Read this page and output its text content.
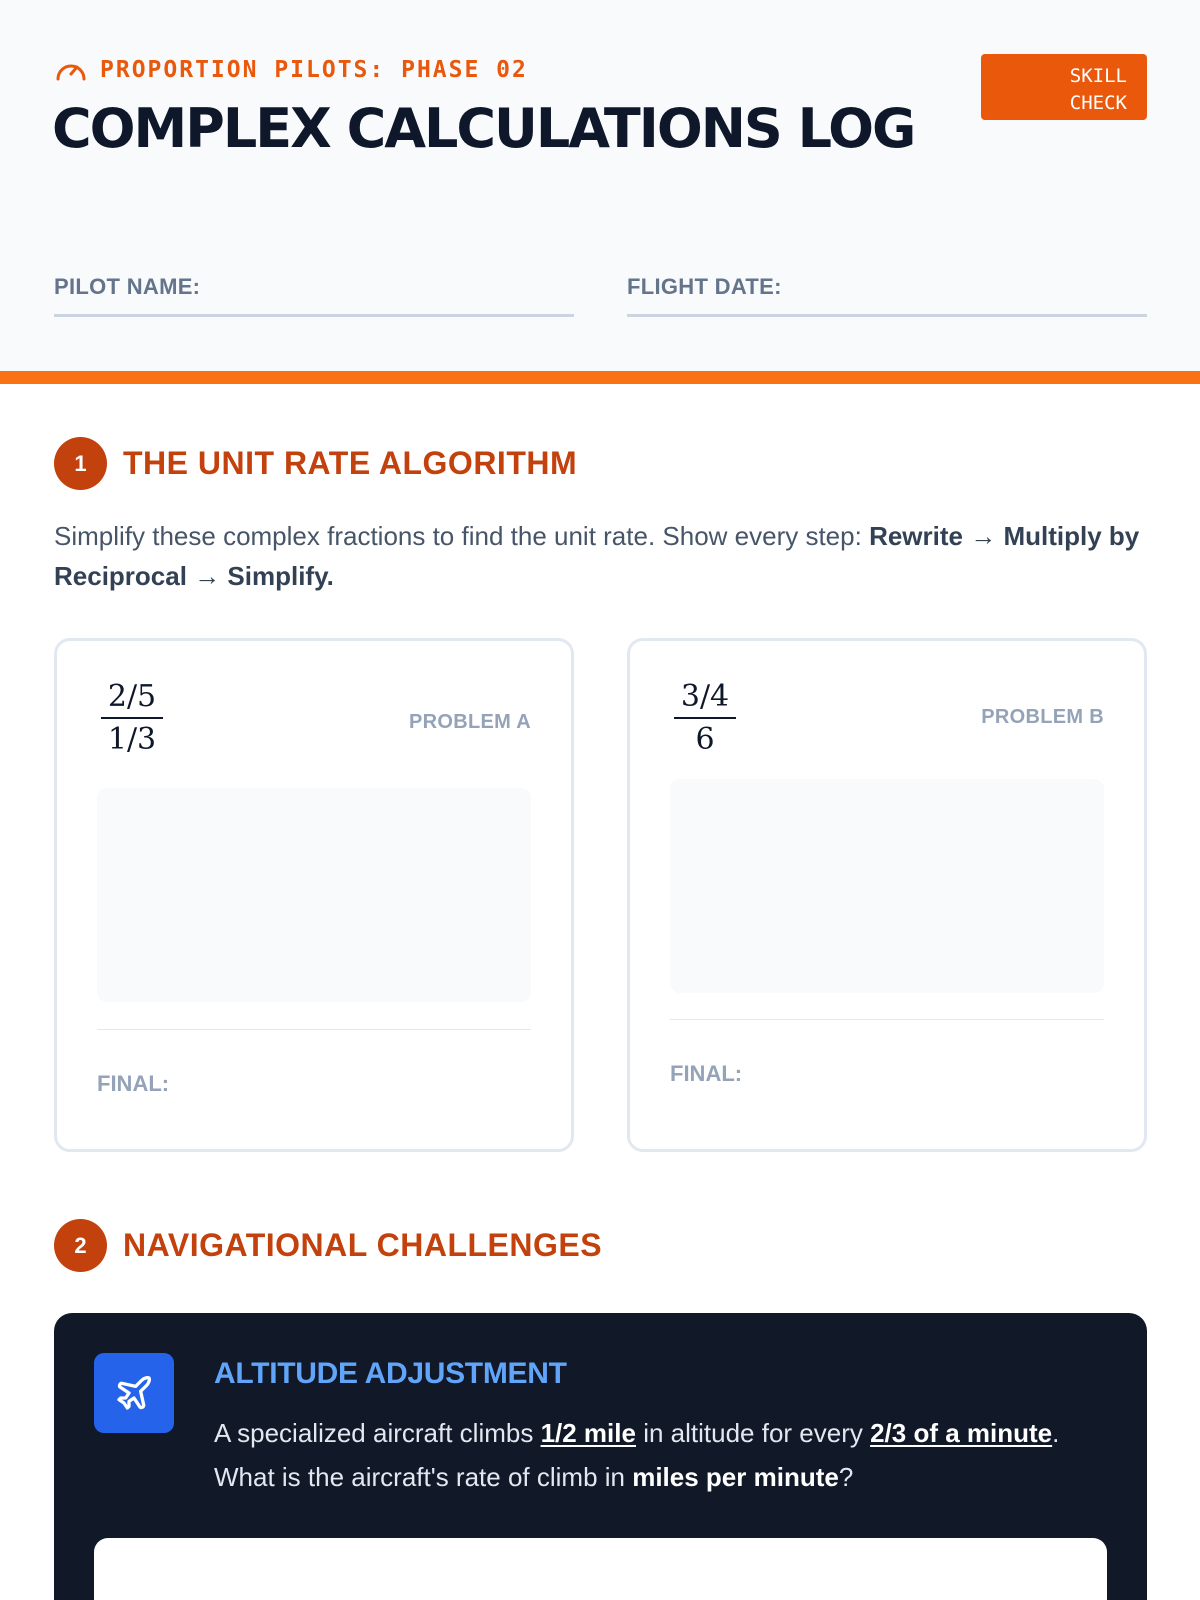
PROPORTION PILOTS: PHASE 02
COMPLEX CALCULATIONS LOG
SKILL
CHECK
PILOT NAME:	FLIGHT DATE:
1	THE UNIT RATE ALGORITHM

Simplify these complex fractions to find the unit rate. Show every step: Rewrite → Multiply by Reciprocal → Simplify.

$\frac{2/5}{1/3}$	PROBLEM A
FINAL:
$\frac{3/4}{6}$	PROBLEM B
FINAL:
2	NAVIGATIONAL CHALLENGES
ALTITUDE ADJUSTMENT

A specialized aircraft climbs 1/2 mile in altitude for every 2/3 of a minute. What is the aircraft's rate of climb in miles per minute?
